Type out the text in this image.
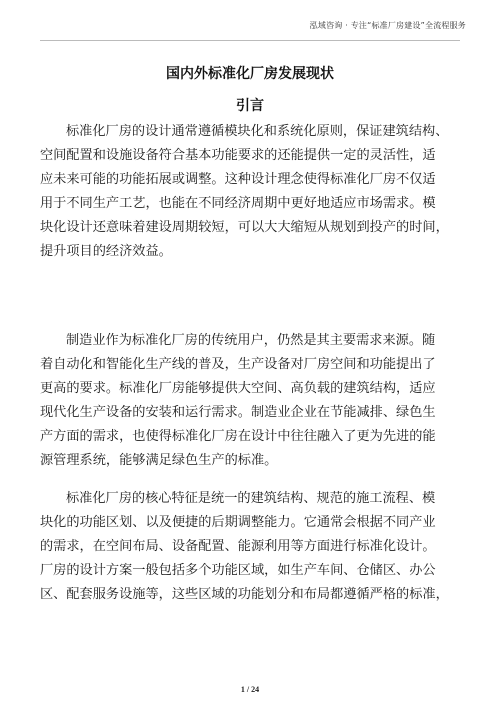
泓域咨询 · 专注“标准厂房建设”全流程服务
国内外标准化厂房发展现状
引言

标准化厂房的设计通常遵循模块化和系统化原则，保证建筑结构、
空间配置和设施设备符合基本功能要求的还能提供一定的灵活性，适
应未来可能的功能拓展或调整。这种设计理念使得标准化厂房不仅适
用于不同生产工艺，也能在不同经济周期中更好地适应市场需求。模
块化设计还意味着建设周期较短，可以大大缩短从规划到投产的时间，
提升项目的经济效益。

制造业作为标准化厂房的传统用户，仍然是其主要需求来源。随
着自动化和智能化生产线的普及，生产设备对厂房空间和功能提出了
更高的要求。标准化厂房能够提供大空间、高负载的建筑结构，适应
现代化生产设备的安装和运行需求。制造业企业在节能减排、绿色生
产方面的需求，也使得标准化厂房在设计中往往融入了更为先进的能
源管理系统，能够满足绿色生产的标准。

标准化厂房的核心特征是统一的建筑结构、规范的施工流程、模
块化的功能区划、以及便捷的后期调整能力。它通常会根据不同产业
的需求，在空间布局、设备配置、能源利用等方面进行标准化设计。
厂房的设计方案一般包括多个功能区域，如生产车间、仓储区、办公
区、配套服务设施等，这些区域的功能划分和布局都遵循严格的标准，

1 / 24
